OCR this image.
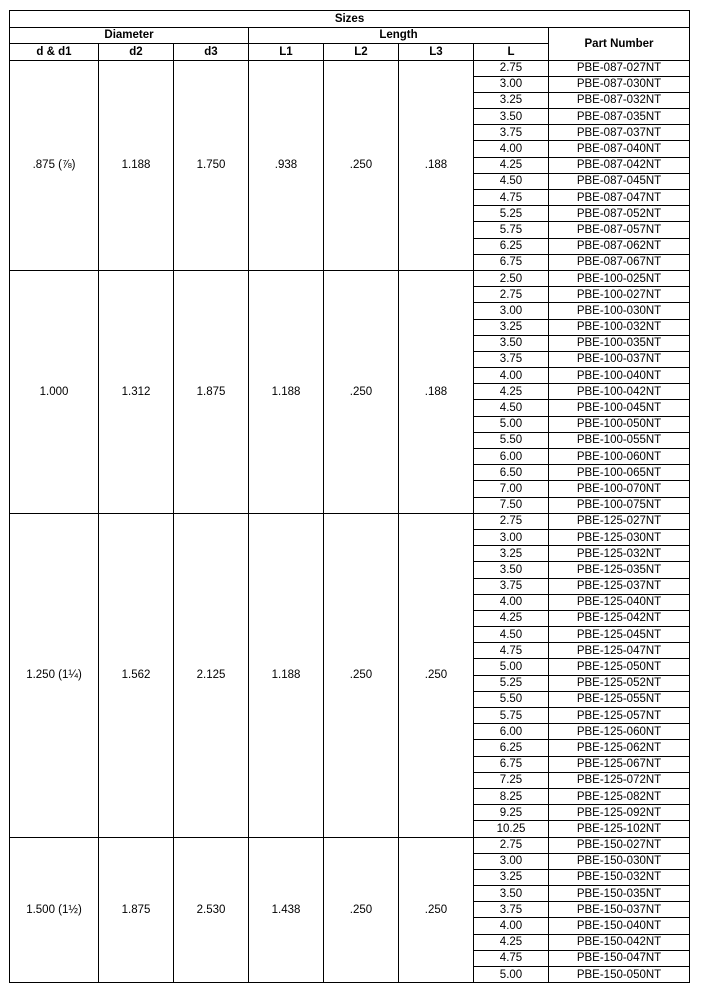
Sizes							
Diameter			Length				Part Number
d & d1	d2	d3	L1	L2	L3	L	
.875 (⅞)	1.188	1.750	.938	.250	.188	2.75	PBE-087-027NT
						3.00	PBE-087-030NT
						3.25	PBE-087-032NT
						3.50	PBE-087-035NT
						3.75	PBE-087-037NT
						4.00	PBE-087-040NT
						4.25	PBE-087-042NT
						4.50	PBE-087-045NT
						4.75	PBE-087-047NT
						5.25	PBE-087-052NT
						5.75	PBE-087-057NT
						6.25	PBE-087-062NT
						6.75	PBE-087-067NT
1.000	1.312	1.875	1.188	.250	.188	2.50	PBE-100-025NT
						2.75	PBE-100-027NT
						3.00	PBE-100-030NT
						3.25	PBE-100-032NT
						3.50	PBE-100-035NT
						3.75	PBE-100-037NT
						4.00	PBE-100-040NT
						4.25	PBE-100-042NT
						4.50	PBE-100-045NT
						5.00	PBE-100-050NT
						5.50	PBE-100-055NT
						6.00	PBE-100-060NT
						6.50	PBE-100-065NT
						7.00	PBE-100-070NT
						7.50	PBE-100-075NT
1.250 (1¼)	1.562	2.125	1.188	.250	.250	2.75	PBE-125-027NT
						3.00	PBE-125-030NT
						3.25	PBE-125-032NT
						3.50	PBE-125-035NT
						3.75	PBE-125-037NT
						4.00	PBE-125-040NT
						4.25	PBE-125-042NT
						4.50	PBE-125-045NT
						4.75	PBE-125-047NT
						5.00	PBE-125-050NT
						5.25	PBE-125-052NT
						5.50	PBE-125-055NT
						5.75	PBE-125-057NT
						6.00	PBE-125-060NT
						6.25	PBE-125-062NT
						6.75	PBE-125-067NT
						7.25	PBE-125-072NT
						8.25	PBE-125-082NT
						9.25	PBE-125-092NT
						10.25	PBE-125-102NT
1.500 (1½)	1.875	2.530	1.438	.250	.250	2.75	PBE-150-027NT
						3.00	PBE-150-030NT
						3.25	PBE-150-032NT
						3.50	PBE-150-035NT
						3.75	PBE-150-037NT
						4.00	PBE-150-040NT
						4.25	PBE-150-042NT
						4.75	PBE-150-047NT
						5.00	PBE-150-050NT
